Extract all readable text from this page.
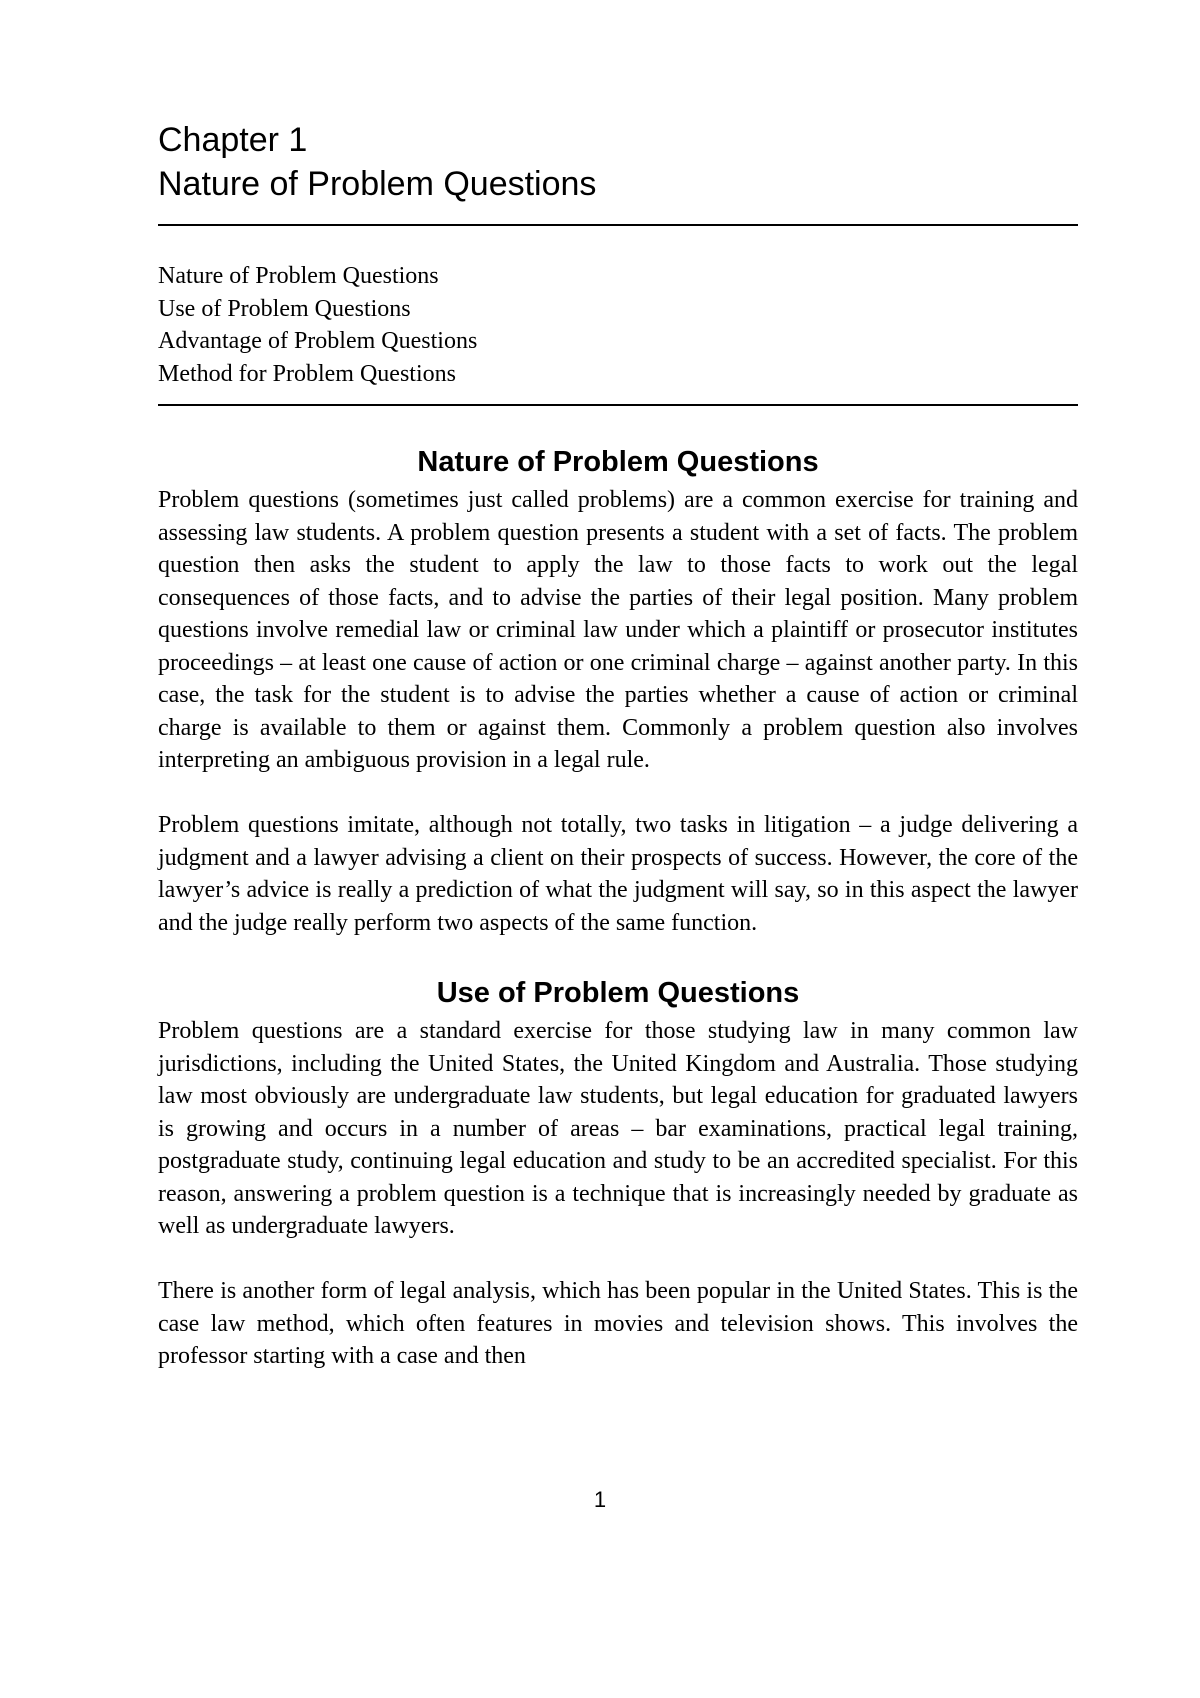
Chapter 1
Nature of Problem Questions
Nature of Problem Questions
Use of Problem Questions
Advantage of Problem Questions
Method for Problem Questions
Nature of Problem Questions

Problem questions (sometimes just called problems) are a common exercise for training and assessing law students. A problem question presents a student with a set of facts. The problem question then asks the student to apply the law to those facts to work out the legal consequences of those facts, and to advise the parties of their legal position. Many problem questions involve remedial law or criminal law under which a plaintiff or prosecutor institutes proceedings – at least one cause of action or one criminal charge – against another party. In this case, the task for the student is to advise the parties whether a cause of action or criminal charge is available to them or against them. Commonly a problem question also involves interpreting an ambiguous provision in a legal rule.

Problem questions imitate, although not totally, two tasks in litigation – a judge delivering a judgment and a lawyer advising a client on their prospects of success. However, the core of the lawyer’s advice is really a prediction of what the judgment will say, so in this aspect the lawyer and the judge really perform two aspects of the same function.

Use of Problem Questions

Problem questions are a standard exercise for those studying law in many common law jurisdictions, including the United States, the United Kingdom and Australia. Those studying law most obviously are undergraduate law students, but legal education for graduated lawyers is growing and occurs in a number of areas – bar examinations, practical legal training, postgraduate study, continuing legal education and study to be an accredited specialist. For this reason, answering a problem question is a technique that is increasingly needed by graduate as well as undergraduate lawyers.

There is another form of legal analysis, which has been popular in the United States. This is the case law method, which often features in movies and television shows. This involves the professor starting with a case and then

1
